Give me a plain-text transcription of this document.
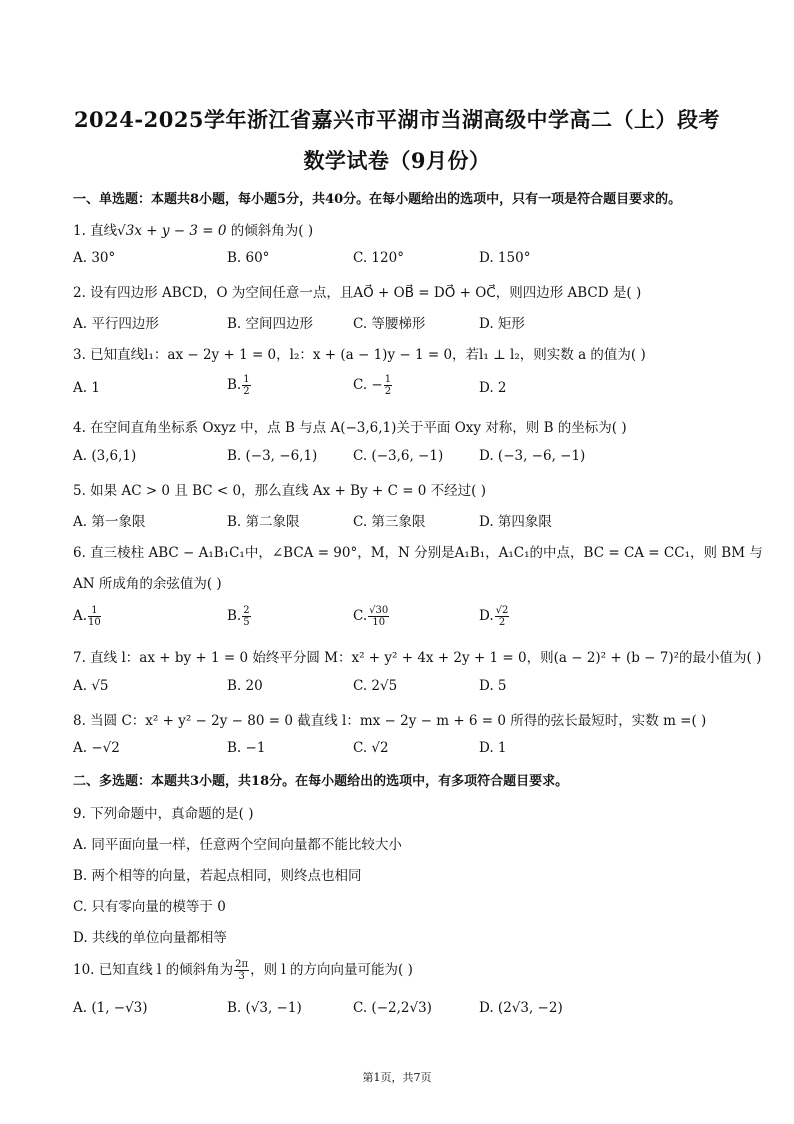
2024-2025学年浙江省嘉兴市平湖市当湖高级中学高二（上）段考
数学试卷（9月份）
一、单选题：本题共8小题，每小题5分，共40分。在每小题给出的选项中，只有一项是符合题目要求的。
1. 直线√3x + y − 3 = 0 的倾斜角为( )
A. 30°	B. 60°	C. 120°	D. 150°
2. 设有四边形 ABCD，O 为空间任意一点，且AO⃗ + OB⃗ = DO⃗ + OC⃗，则四边形 ABCD 是( )
A. 平行四边形	B. 空间四边形	C. 等腰梯形	D. 矩形
3. 已知直线l₁：ax − 2y + 1 = 0，l₂：x + (a − 1)y − 1 = 0，若l₁ ⊥ l₂，则实数 a 的值为( )
A. 1	B. $\frac{1}{2}$	C. − $\frac{1}{2}$	D. 2
4. 在空间直角坐标系 Oxyz 中，点 B 与点 A(−3,6,1)关于平面 Oxy 对称，则 B 的坐标为( )
A. (3,6,1)	B. (−3, −6,1)	C. (−3,6, −1)	D. (−3, −6, −1)
5. 如果 AC > 0 且 BC < 0，那么直线 Ax + By + C = 0 不经过( )
A. 第一象限	B. 第二象限	C. 第三象限	D. 第四象限
6. 直三棱柱 ABC − A₁B₁C₁中，∠BCA = 90°，M，N 分别是A₁B₁，A₁C₁的中点，BC = CA = CC₁，则 BM 与
AN 所成角的余弦值为( )
A. $\frac{1}{10}$	B. $\frac{2}{5}$	C. $\frac{√30}{10}$	D. $\frac{√2}{2}$
7. 直线 l：ax + by + 1 = 0 始终平分圆 M：x² + y² + 4x + 2y + 1 = 0，则(a − 2)² + (b − 7)²的最小值为( )
A. √5	B. 20	C. 2√5	D. 5
8. 当圆 C：x² + y² − 2y − 80 = 0 截直线 l：mx − 2y − m + 6 = 0 所得的弦长最短时，实数 m =( )
A. −√2	B. −1	C. √2	D. 1
二、多选题：本题共3小题，共18分。在每小题给出的选项中，有多项符合题目要求。
9. 下列命题中，真命题的是( )
A. 同平面向量一样，任意两个空间向量都不能比较大小
B. 两个相等的向量，若起点相同，则终点也相同
C. 只有零向量的模等于 0
D. 共线的单位向量都相等
10. 已知直线 l 的倾斜角为 $\frac{2\pi}{3}$ ，则 l 的方向向量可能为( )
A. (1, −√3)	B. (√3, −1)	C. (−2,2√3)	D. (2√3, −2)
第1页，共7页
